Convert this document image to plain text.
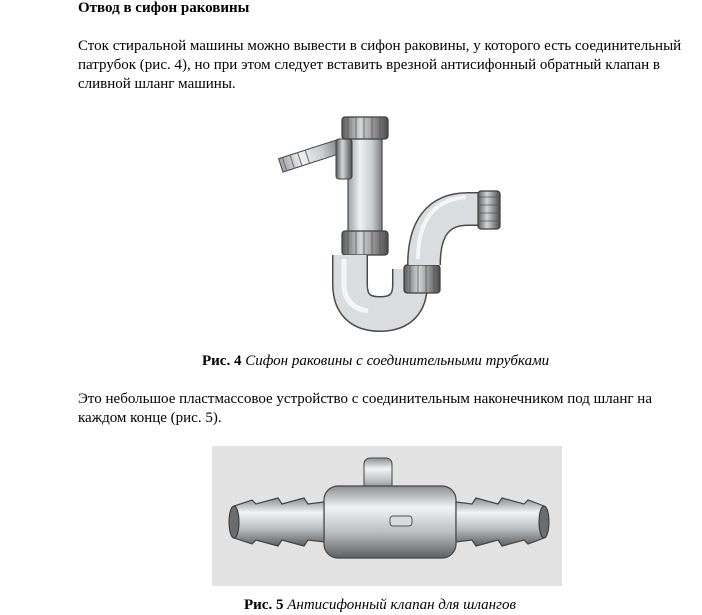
Отвод в сифон раковины
Сток стиральной машины можно вывести в сифон раковины, у которого есть соединительный патрубок (рис. 4), но при этом следует вставить врезной антисифонный обратный клапан в сливной шланг машины.
Рис. 4 Сифон раковины с соединительными трубками
Это небольшое пластмассовое устройство с соединительным наконечником под шланг на каждом конце (рис. 5).
Рис. 5 Антисифонный клапан для шлангов
